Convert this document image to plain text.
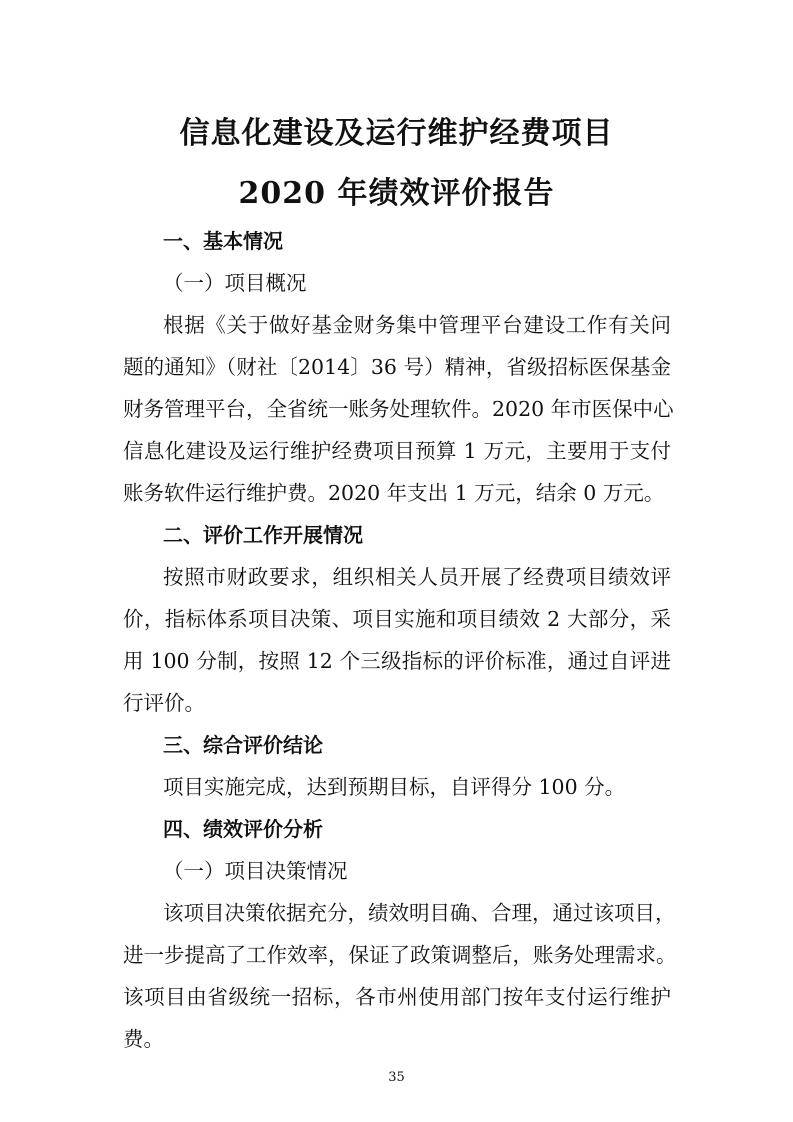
信息化建设及运行维护经费项目
2020 年绩效评价报告
一、基本情况
（一）项目概况
根据《关于做好基金财务集中管理平台建设工作有关问
题的通知》（财社〔2014〕36 号）精神，省级招标医保基金
财务管理平台，全省统一账务处理软件。2020 年市医保中心
信息化建设及运行维护经费项目预算 1 万元，主要用于支付
账务软件运行维护费。2020 年支出 1 万元，结余 0 万元。
二、评价工作开展情况
按照市财政要求，组织相关人员开展了经费项目绩效评
价，指标体系项目决策、项目实施和项目绩效 2 大部分，采
用 100 分制，按照 12 个三级指标的评价标准，通过自评进
行评价。
三、综合评价结论
项目实施完成，达到预期目标，自评得分 100 分。
四、绩效评价分析
（一）项目决策情况
该项目决策依据充分，绩效明目确、合理，通过该项目，
进一步提高了工作效率，保证了政策调整后，账务处理需求。
该项目由省级统一招标，各市州使用部门按年支付运行维护
费。
35
